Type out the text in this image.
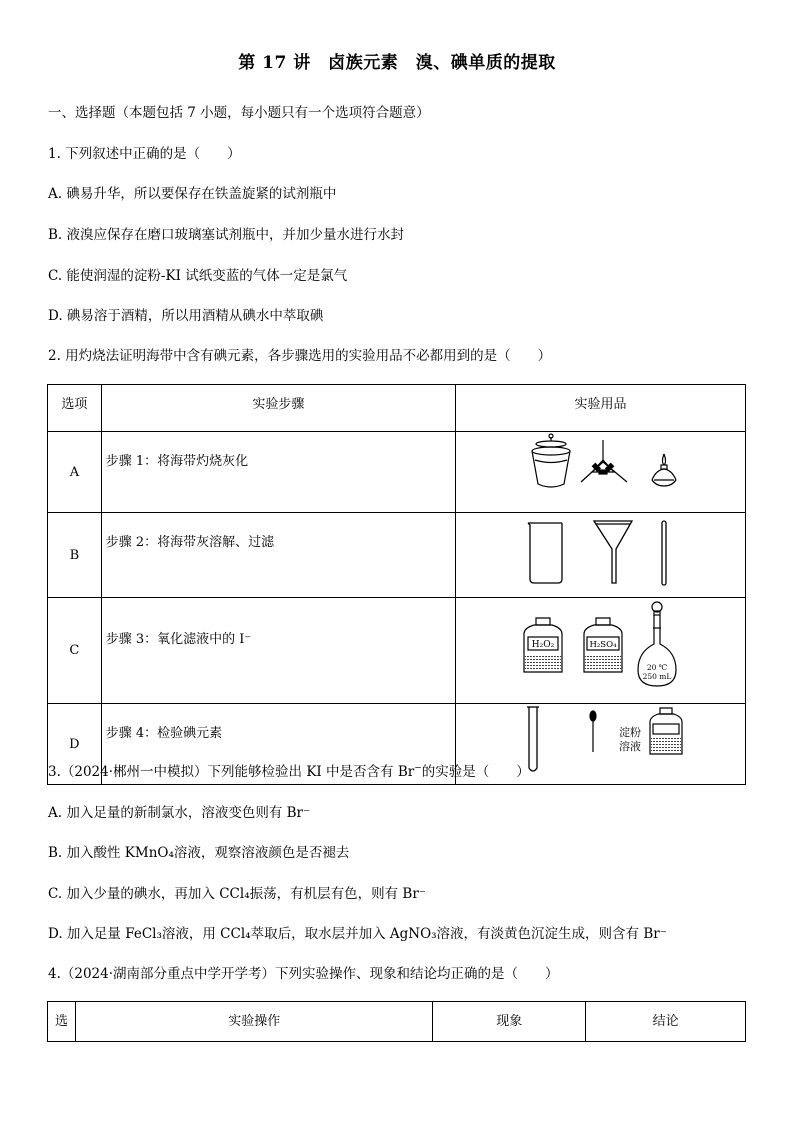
第 17 讲　卤族元素　溴、碘单质的提取
一、选择题（本题包括 7 小题，每小题只有一个选项符合题意）
1. 下列叙述中正确的是（　　）
A. 碘易升华，所以要保存在铁盖旋紧的试剂瓶中
B. 液溴应保存在磨口玻璃塞试剂瓶中，并加少量水进行水封
C. 能使润湿的淀粉-KI 试纸变蓝的气体一定是氯气
D. 碘易溶于酒精，所以用酒精从碘水中萃取碘
2. 用灼烧法证明海带中含有碘元素，各步骤选用的实验用品不必都用到的是（　　）
选项	实验步骤	实验用品
A	步骤 1：将海带灼烧灰化	
B	步骤 2：将海带灰溶解、过滤	
C	步骤 3：氧化滤液中的 I⁻	H₂O₂ H₂SO₄
20 ℃
250 mL

D	步骤 4：检验碘元素	淀粉
溶液
3.（2024·郴州一中模拟）下列能够检验出 KI 中是否含有 Br−的实验是（　　）
A. 加入足量的新制氯水，溶液变色则有 Br⁻
B. 加入酸性 KMnO₄溶液，观察溶液颜色是否褪去
C. 加入少量的碘水，再加入 CCl₄振荡，有机层有色，则有 Br⁻
D. 加入足量 FeCl₃溶液，用 CCl₄萃取后，取水层并加入 AgNO₃溶液，有淡黄色沉淀生成，则含有 Br⁻
4.（2024·湖南部分重点中学开学考）下列实验操作、现象和结论均正确的是（　　）
选	实验操作	现象	结论
